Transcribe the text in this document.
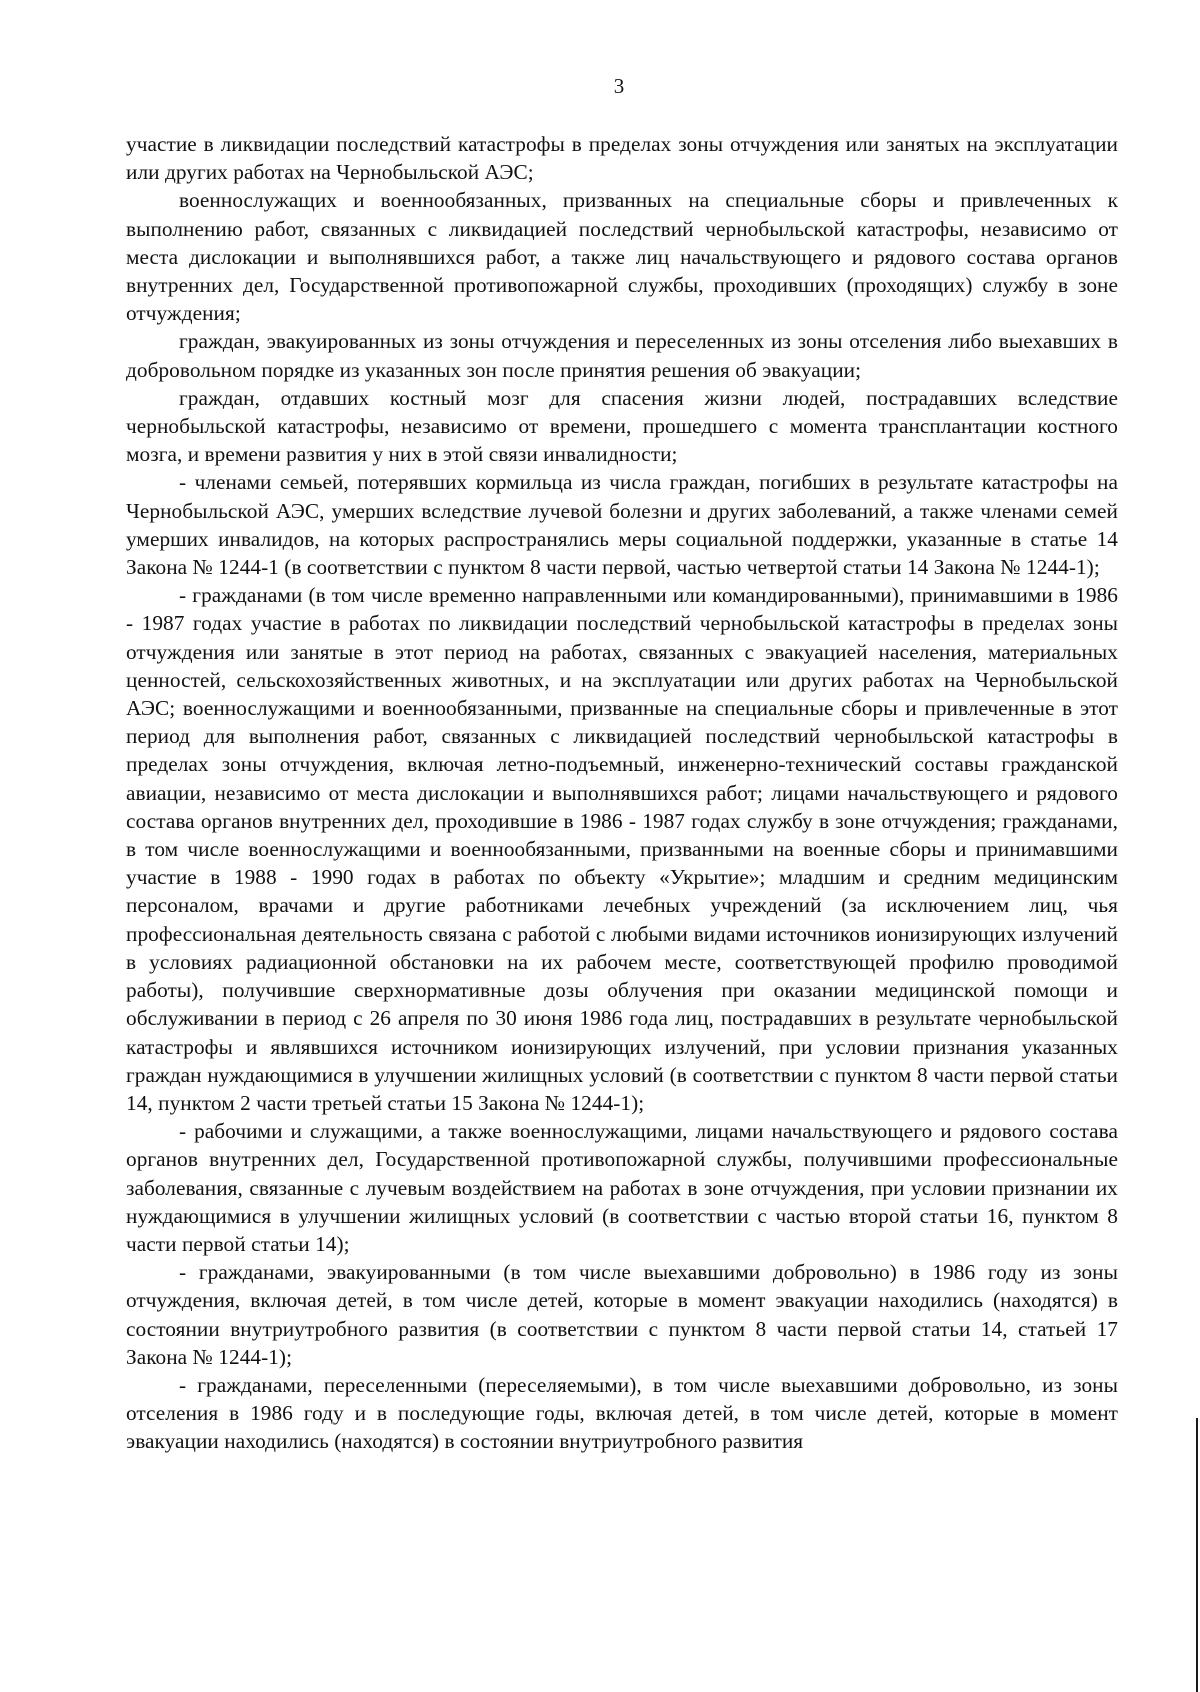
3

участие в ликвидации последствий катастрофы в пределах зоны отчуждения или занятых на эксплуатации или других работах на Чернобыльской АЭС;

военнослужащих и военнообязанных, призванных на специальные сборы и привлеченных к выполнению работ, связанных с ликвидацией последствий чернобыльской катастрофы, независимо от места дислокации и выполнявшихся работ, а также лиц начальствующего и рядового состава органов внутренних дел, Государственной противопожарной службы, проходивших (проходящих) службу в зоне отчуждения;

граждан, эвакуированных из зоны отчуждения и переселенных из зоны отселения либо выехавших в добровольном порядке из указанных зон после принятия решения об эвакуации;

граждан, отдавших костный мозг для спасения жизни людей, пострадавших вследствие чернобыльской катастрофы, независимо от времени, прошедшего с момента трансплантации костного мозга, и времени развития у них в этой связи инвалидности;

- членами семьей, потерявших кормильца из числа граждан, погибших в результате катастрофы на Чернобыльской АЭС, умерших вследствие лучевой болезни и других заболеваний, а также членами семей умерших инвалидов, на которых распространялись меры социальной поддержки, указанные в статье 14 Закона № 1244-1 (в соответствии с пунктом 8 части первой, частью четвертой статьи 14 Закона № 1244-1);

- гражданами (в том числе временно направленными или командированными), принимавшими в 1986 - 1987 годах участие в работах по ликвидации последствий чернобыльской катастрофы в пределах зоны отчуждения или занятые в этот период на работах, связанных с эвакуацией населения, материальных ценностей, сельскохозяйственных животных, и на эксплуатации или других работах на Чернобыльской АЭС; военнослужащими и военнообязанными, призванные на специальные сборы и привлеченные в этот период для выполнения работ, связанных с ликвидацией последствий чернобыльской катастрофы в пределах зоны отчуждения, включая летно-подъемный, инженерно-технический составы гражданской авиации, независимо от места дислокации и выполнявшихся работ; лицами начальствующего и рядового состава органов внутренних дел, проходившие в 1986 - 1987 годах службу в зоне отчуждения; гражданами, в том числе военнослужащими и военнообязанными, призванными на военные сборы и принимавшими участие в 1988 - 1990 годах в работах по объекту «Укрытие»; младшим и средним медицинским персоналом, врачами и другие работниками лечебных учреждений (за исключением лиц, чья профессиональная деятельность связана с работой с любыми видами источников ионизирующих излучений в условиях радиационной обстановки на их рабочем месте, соответствующей профилю проводимой работы), получившие сверхнормативные дозы облучения при оказании медицинской помощи и обслуживании в период с 26 апреля по 30 июня 1986 года лиц, пострадавших в результате чернобыльской катастрофы и являвшихся источником ионизирующих излучений, при условии признания указанных граждан нуждающимися в улучшении жилищных условий (в соответствии с пунктом 8 части первой статьи 14, пунктом 2 части третьей статьи 15 Закона № 1244-1);

- рабочими и служащими, а также военнослужащими, лицами начальствующего и рядового состава органов внутренних дел, Государственной противопожарной службы, получившими профессиональные заболевания, связанные с лучевым воздействием на работах в зоне отчуждения, при условии признании их нуждающимися в улучшении жилищных условий (в соответствии с частью второй статьи 16, пунктом 8 части первой статьи 14);

- гражданами, эвакуированными (в том числе выехавшими добровольно) в 1986 году из зоны отчуждения, включая детей, в том числе детей, которые в момент эвакуации находились (находятся) в состоянии внутриутробного развития (в соответствии с пунктом 8 части первой статьи 14, статьей 17 Закона № 1244-1);

- гражданами, переселенными (переселяемыми), в том числе выехавшими добровольно, из зоны отселения в 1986 году и в последующие годы, включая детей, в том числе детей, которые в момент эвакуации находились (находятся) в состоянии внутриутробного развития
